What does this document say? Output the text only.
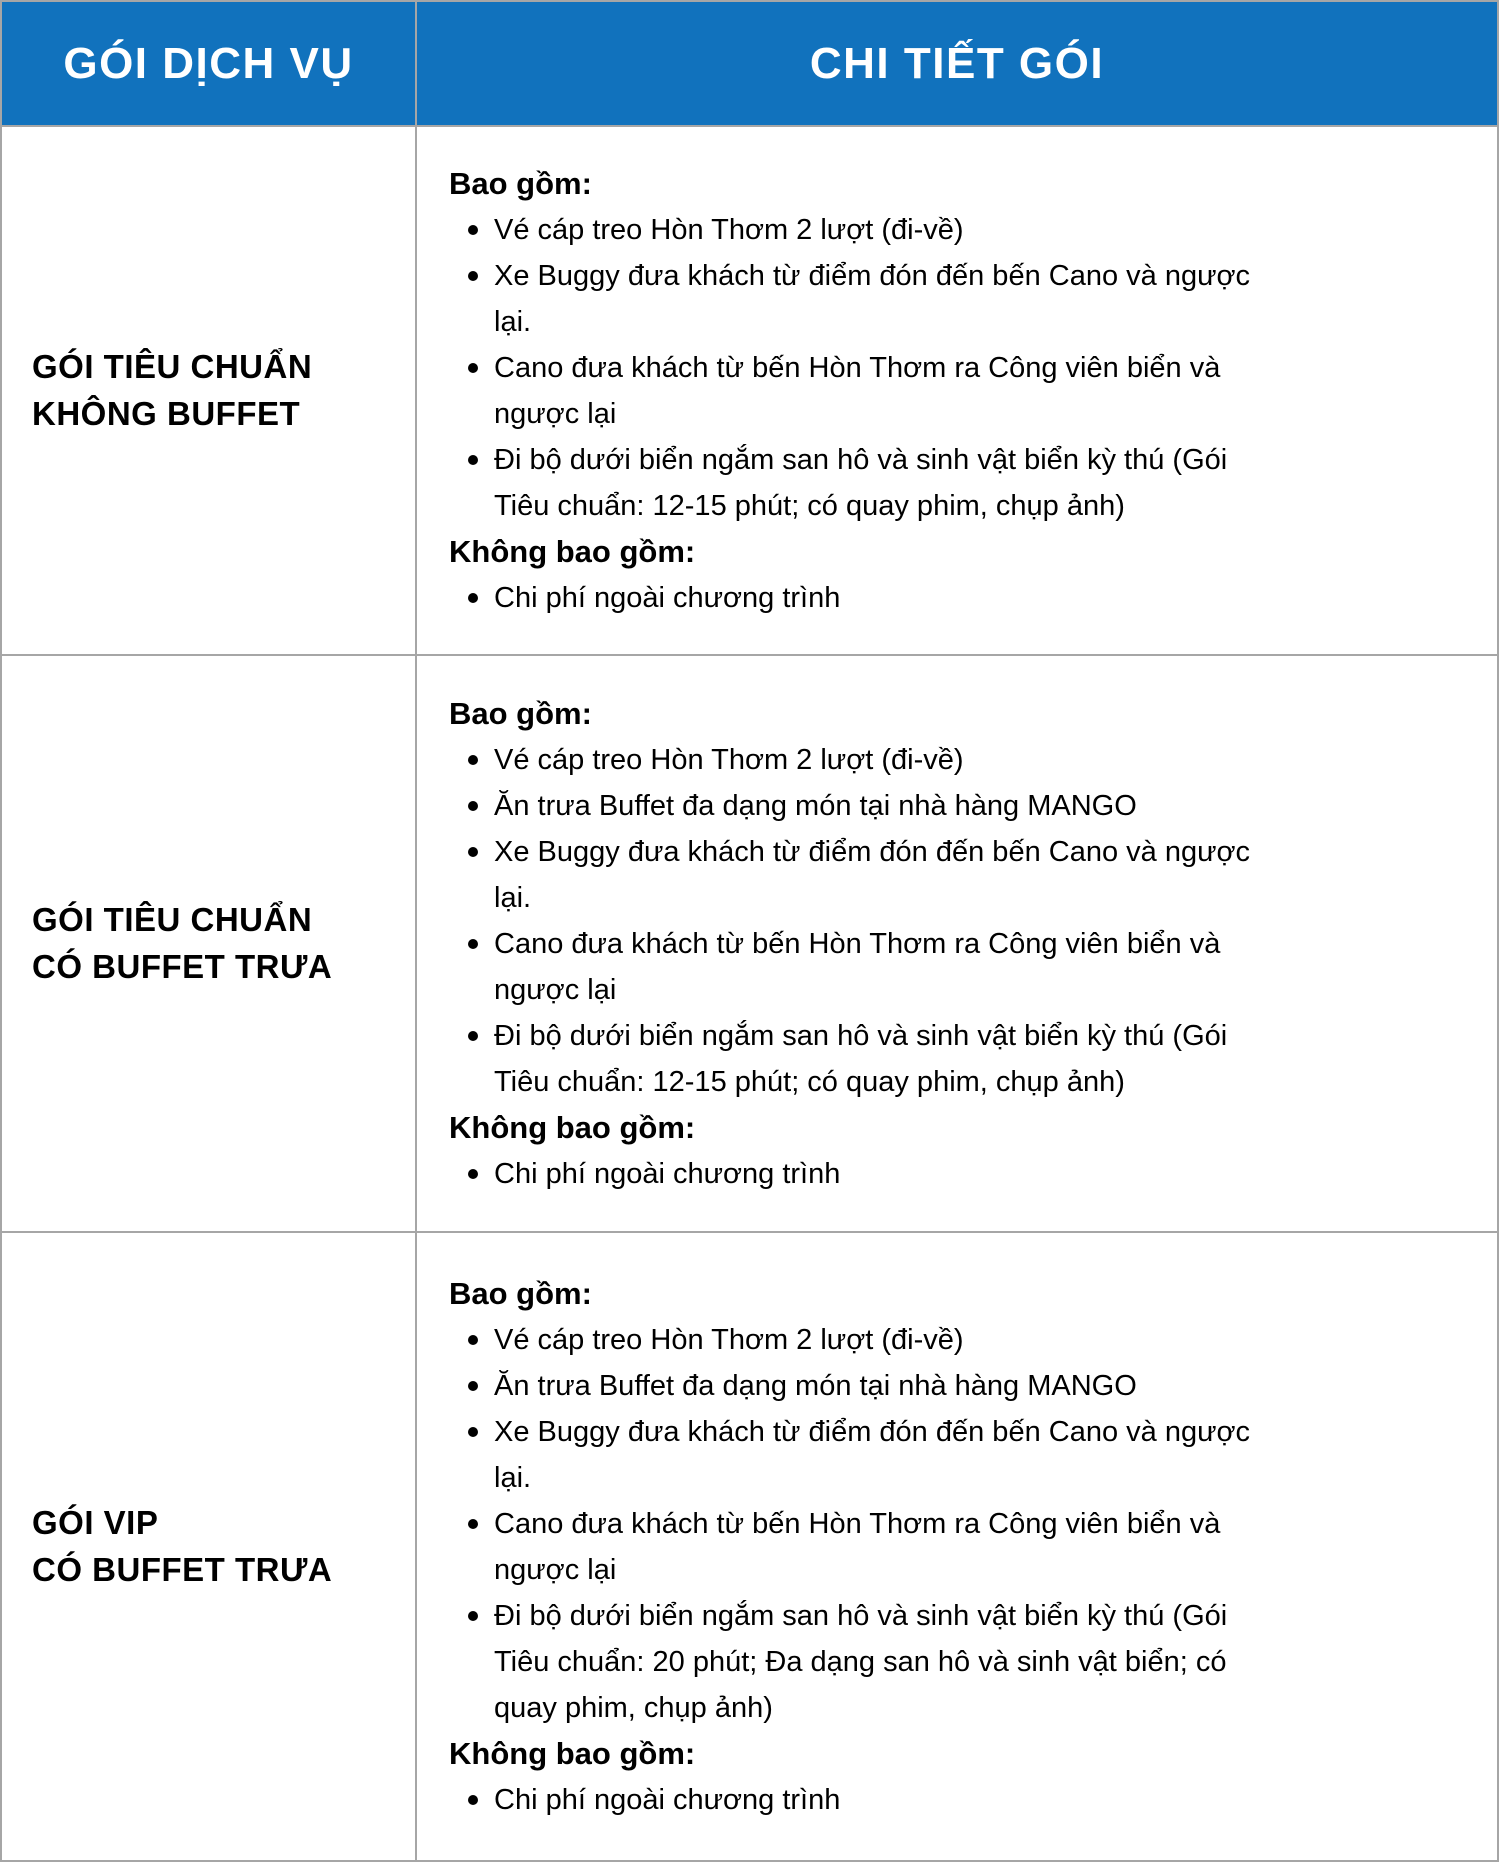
GÓI DỊCH VỤ	CHI TIẾT GÓI
GÓI TIÊU CHUẨN
KHÔNG BUFFET
Bao gồm:
Vé cáp treo Hòn Thơm 2 lượt (đi-về)
Xe Buggy đưa khách từ điểm đón đến bến Cano và ngược lại.
Cano đưa khách từ bến Hòn Thơm ra Công viên biển và ngược lại
Đi bộ dưới biển ngắm san hô và sinh vật biển kỳ thú (Gói Tiêu chuẩn: 12-15 phút; có quay phim, chụp ảnh)
Không bao gồm:
Chi phí ngoài chương trình
GÓI TIÊU CHUẨN
CÓ BUFFET TRƯA
Bao gồm:
Vé cáp treo Hòn Thơm 2 lượt (đi-về)
Ăn trưa Buffet đa dạng món tại nhà hàng MANGO
Xe Buggy đưa khách từ điểm đón đến bến Cano và ngược lại.
Cano đưa khách từ bến Hòn Thơm ra Công viên biển và ngược lại
Đi bộ dưới biển ngắm san hô và sinh vật biển kỳ thú (Gói Tiêu chuẩn: 12-15 phút; có quay phim, chụp ảnh)
Không bao gồm:
Chi phí ngoài chương trình
GÓI VIP
CÓ BUFFET TRƯA
Bao gồm:
Vé cáp treo Hòn Thơm 2 lượt (đi-về)
Ăn trưa Buffet đa dạng món tại nhà hàng MANGO
Xe Buggy đưa khách từ điểm đón đến bến Cano và ngược lại.
Cano đưa khách từ bến Hòn Thơm ra Công viên biển và ngược lại
Đi bộ dưới biển ngắm san hô và sinh vật biển kỳ thú (Gói Tiêu chuẩn: 20 phút; Đa dạng san hô và sinh vật biển; có quay phim, chụp ảnh)
Không bao gồm:
Chi phí ngoài chương trình
